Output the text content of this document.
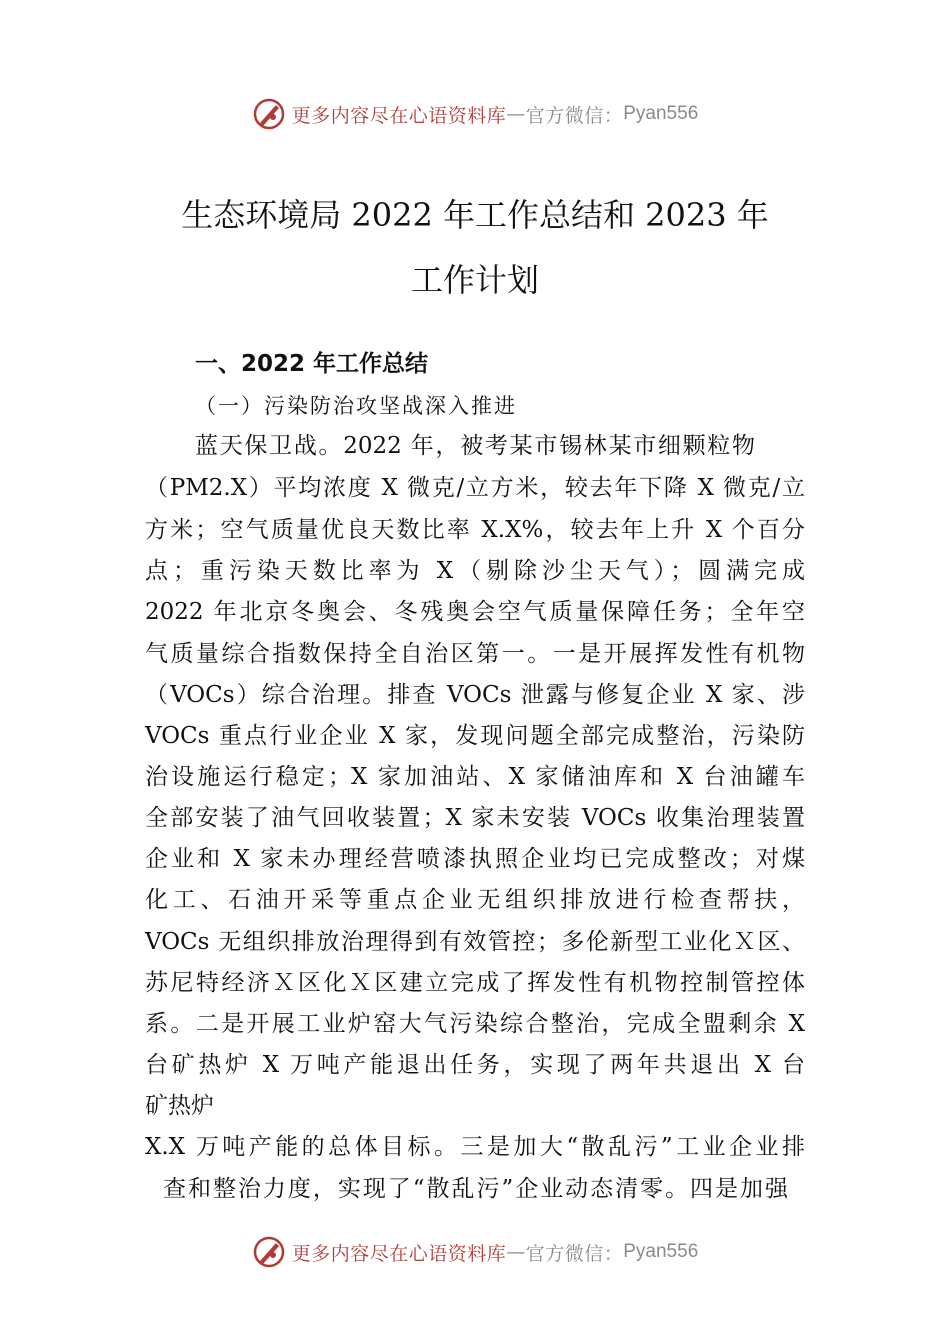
更多内容尽在心语资料库 — 官方微信： Pyan556
生态环境局 2022 年工作总结和 2023 年
工作计划
一、2022 年工作总结
（一）污染防治攻坚战深入推进
蓝天保卫战。2022 年，被考某市锡林某市细颗粒物
（PM2.X）平均浓度 X 微克/立方米，较去年下降 X 微克/立
方米；空气质量优良天数比率 X.X%，较去年上升 X 个百分
点；重污染天数比率为 X（剔除沙尘天气）；圆满完成
2022 年北京冬奥会、冬残奥会空气质量保障任务；全年空
气质量综合指数保持全自治区第一。一是开展挥发性有机物
（VOCs）综合治理。排查 VOCs 泄露与修复企业 X 家、涉
VOCs 重点行业企业 X 家，发现问题全部完成整治，污染防
治设施运行稳定；X 家加油站、X 家储油库和 X 台油罐车
全部安装了油气回收装置；X 家未安装 VOCs 收集治理装置
企业和 X 家未办理经营喷漆执照企业均已完成整改；对煤
化工、石油开采等重点企业无组织排放进行检查帮扶，
VOCs 无组织排放治理得到有效管控；多伦新型工业化Ｘ区、
苏尼特经济Ｘ区化Ｘ区建立完成了挥发性有机物控制管控体
系。二是开展工业炉窑大气污染综合整治，完成全盟剩余 X
台矿热炉 X 万吨产能退出任务，实现了两年共退出 X 台
矿热炉
X.X 万吨产能的总体目标。三是加大“散乱污”工业企业排
查和整治力度，实现了“散乱污”企业动态清零。四是加强
更多内容尽在心语资料库 — 官方微信： Pyan556
